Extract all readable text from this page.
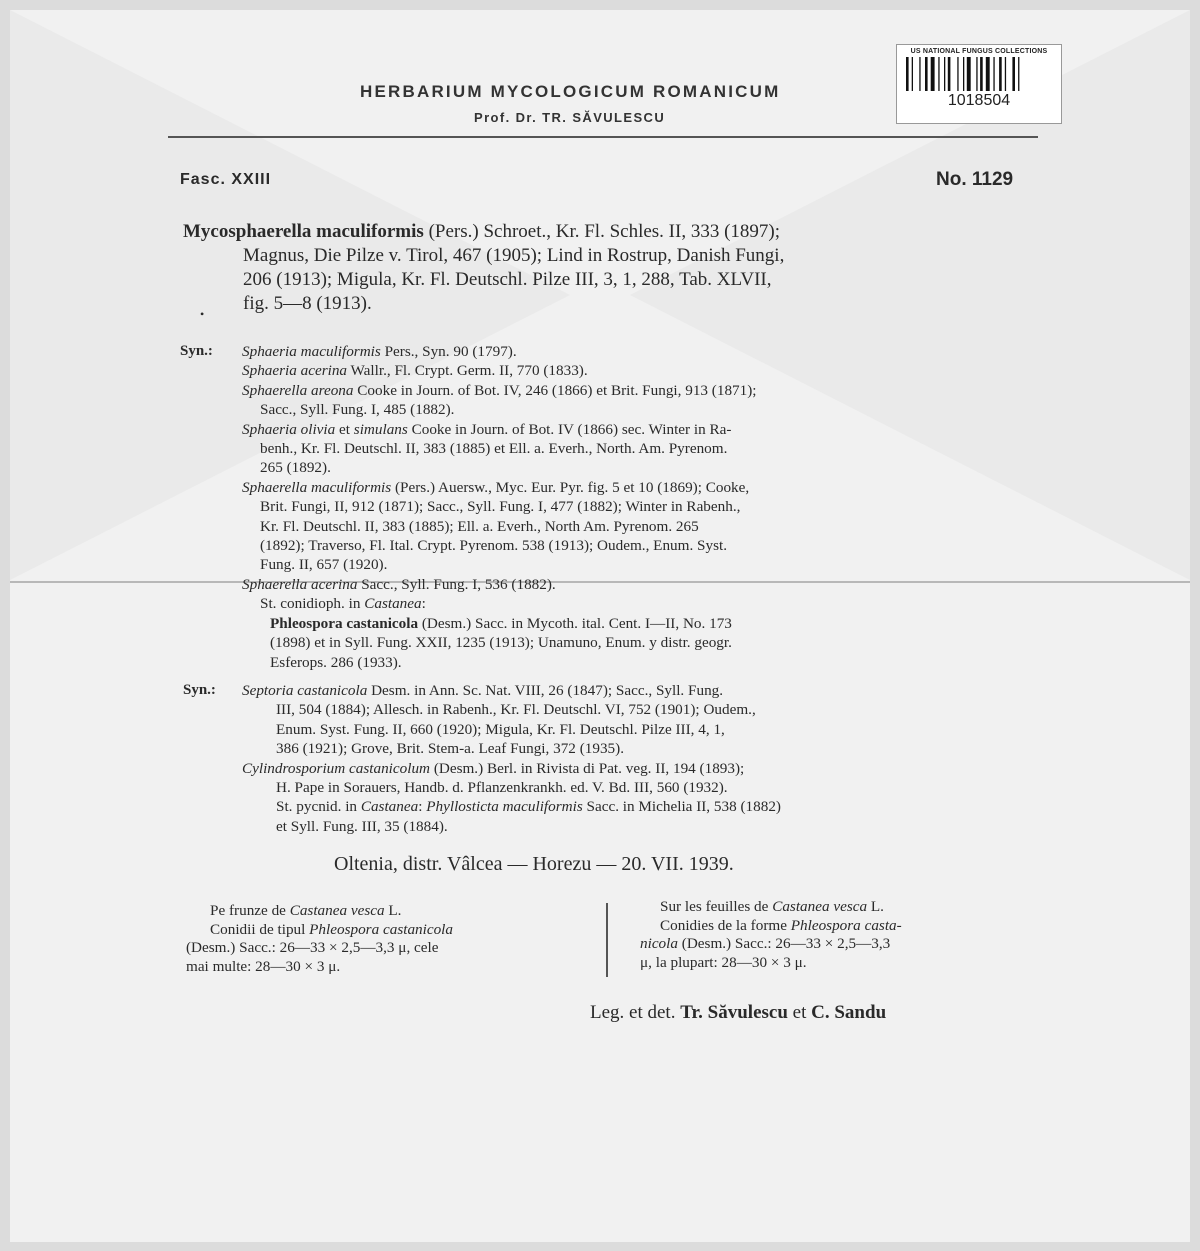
US NATIONAL FUNGUS COLLECTIONS
1018504
HERBARIUM MYCOLOGICUM ROMANICUM
Prof. Dr. TR. SĂVULESCU
Fasc. XXIII	No. 1129
Mycosphaerella maculiformis (Pers.) Schroet., Kr. Fl. Schles. II, 333 (1897);
Magnus, Die Pilze v. Tirol, 467 (1905); Lind in Rostrup, Danish Fungi,
206 (1913); Migula, Kr. Fl. Deutschl. Pilze III, 3, 1, 288, Tab. XLVII,
fig. 5—8 (1913).
•
Syn.: Sphaeria maculiformis Pers., Syn. 90 (1797).
Sphaeria acerina Wallr., Fl. Crypt. Germ. II, 770 (1833).
Sphaerella areona Cooke in Journ. of Bot. IV, 246 (1866) et Brit. Fungi, 913 (1871);
Sacc., Syll. Fung. I, 485 (1882).
Sphaeria olivia et simulans Cooke in Journ. of Bot. IV (1866) sec. Winter in Ra-
benh., Kr. Fl. Deutschl. II, 383 (1885) et Ell. a. Everh., North. Am. Pyrenom.
265 (1892).
Sphaerella maculiformis (Pers.) Auersw., Myc. Eur. Pyr. fig. 5 et 10 (1869); Cooke,
Brit. Fungi, II, 912 (1871); Sacc., Syll. Fung. I, 477 (1882); Winter in Rabenh.,
Kr. Fl. Deutschl. II, 383 (1885); Ell. a. Everh., North Am. Pyrenom. 265
(1892); Traverso, Fl. Ital. Crypt. Pyrenom. 538 (1913); Oudem., Enum. Syst.
Fung. II, 657 (1920).
Sphaerella acerina Sacc., Syll. Fung. I, 536 (1882).
St. conidioph. in Castanea:
Phleospora castanicola (Desm.) Sacc. in Mycoth. ital. Cent. I—II, No. 173
(1898) et in Syll. Fung. XXII, 1235 (1913); Unamuno, Enum. y distr. geogr.
Esferops. 286 (1933).
Syn.: Septoria castanicola Desm. in Ann. Sc. Nat. VIII, 26 (1847); Sacc., Syll. Fung.
III, 504 (1884); Allesch. in Rabenh., Kr. Fl. Deutschl. VI, 752 (1901); Oudem.,
Enum. Syst. Fung. II, 660 (1920); Migula, Kr. Fl. Deutschl. Pilze III, 4, 1,
386 (1921); Grove, Brit. Stem-a. Leaf Fungi, 372 (1935).
Cylindrosporium castanicolum (Desm.) Berl. in Rivista di Pat. veg. II, 194 (1893);
H. Pape in Sorauers, Handb. d. Pflanzenkrankh. ed. V. Bd. III, 560 (1932).
St. pycnid. in Castanea: Phyllosticta maculiformis Sacc. in Michelia II, 538 (1882)
et Syll. Fung. III, 35 (1884).
Oltenia, distr. Vâlcea — Horezu — 20. VII. 1939.
Pe frunze de Castanea vesca L.
Conidii de tipul Phleospora castanicola
(Desm.) Sacc.: 26—33 × 2,5—3,3 μ, cele
mai multe: 28—30 × 3 μ.
Sur les feuilles de Castanea vesca L.
Conidies de la forme Phleospora casta-
nicola (Desm.) Sacc.: 26—33 × 2,5—3,3
μ, la plupart: 28—30 × 3 μ.
Leg. et det. Tr. Săvulescu et C. Sandu
